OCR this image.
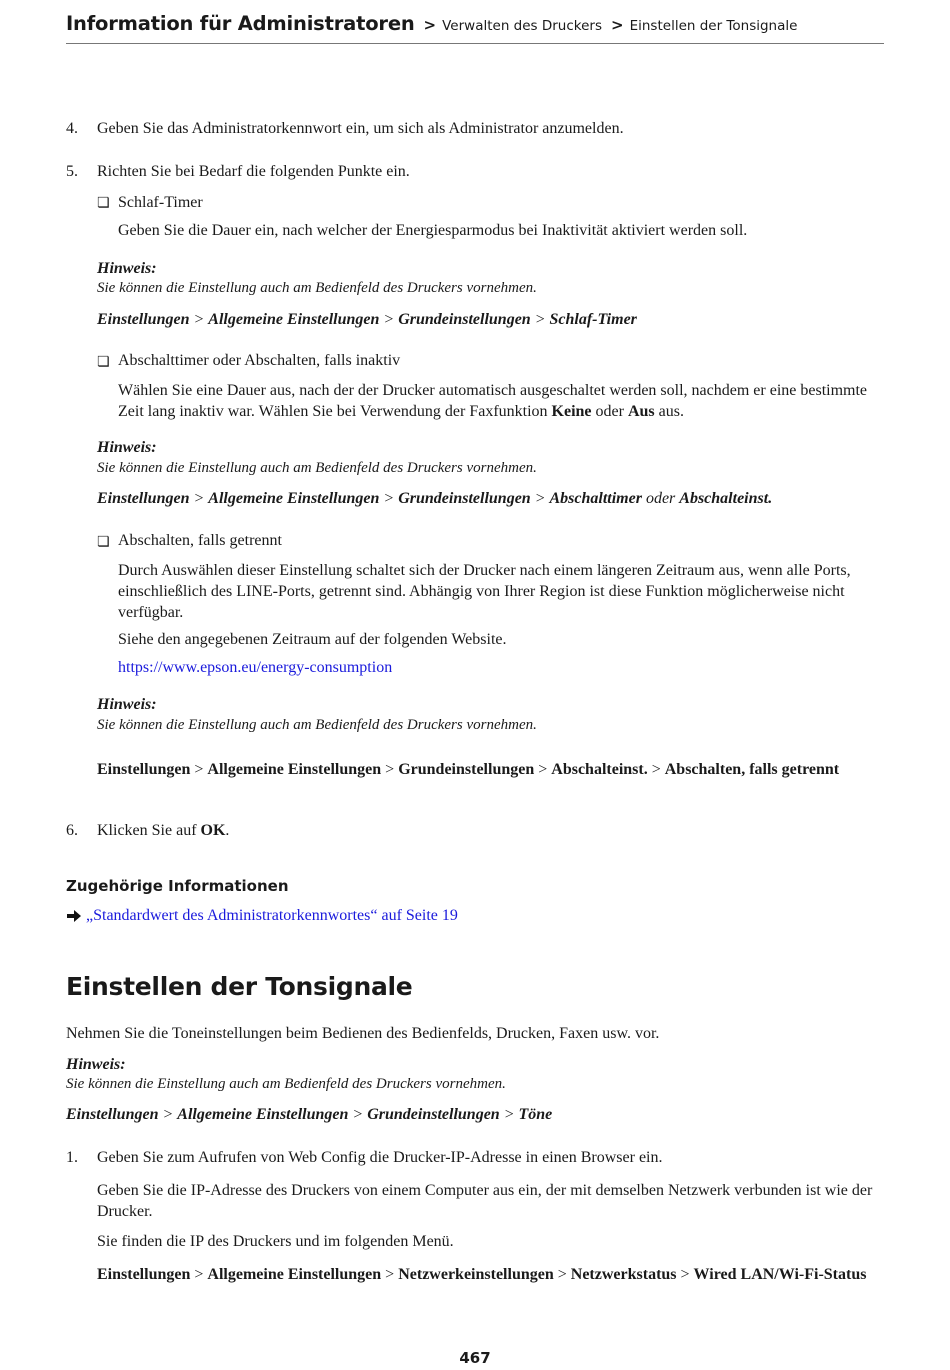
Information für Administratoren > Verwalten des Druckers > Einstellen der Tonsignale
4. Geben Sie das Administratorkennwort ein, um sich als Administrator anzumelden.
5. Richten Sie bei Bedarf die folgenden Punkte ein.
❏ Schlaf-Timer
Geben Sie die Dauer ein, nach welcher der Energiesparmodus bei Inaktivität aktiviert werden soll.
Hinweis:
Sie können die Einstellung auch am Bedienfeld des Druckers vornehmen.
Einstellungen > Allgemeine Einstellungen > Grundeinstellungen > Schlaf-Timer
❏ Abschalttimer oder Abschalten, falls inaktiv
Wählen Sie eine Dauer aus, nach der der Drucker automatisch ausgeschaltet werden soll, nachdem er eine bestimmte Zeit lang inaktiv war. Wählen Sie bei Verwendung der Faxfunktion Keine oder Aus aus.
Hinweis:
Sie können die Einstellung auch am Bedienfeld des Druckers vornehmen.
Einstellungen > Allgemeine Einstellungen > Grundeinstellungen > Abschalttimer oder Abschalteinst.
❏ Abschalten, falls getrennt
Durch Auswählen dieser Einstellung schaltet sich der Drucker nach einem längeren Zeitraum aus, wenn alle Ports, einschließlich des LINE-Ports, getrennt sind. Abhängig von Ihrer Region ist diese Funktion möglicherweise nicht verfügbar.
Siehe den angegebenen Zeitraum auf der folgenden Website.
https://www.epson.eu/energy-consumption
Hinweis:
Sie können die Einstellung auch am Bedienfeld des Druckers vornehmen.
Einstellungen > Allgemeine Einstellungen > Grundeinstellungen > Abschalteinst. > Abschalten, falls getrennt
6. Klicken Sie auf OK.
Zugehörige Informationen
„Standardwert des Administratorkennwortes“ auf Seite 19
Einstellen der Tonsignale
Nehmen Sie die Toneinstellungen beim Bedienen des Bedienfelds, Drucken, Faxen usw. vor.
Hinweis:
Sie können die Einstellung auch am Bedienfeld des Druckers vornehmen.
Einstellungen > Allgemeine Einstellungen > Grundeinstellungen > Töne
1. Geben Sie zum Aufrufen von Web Config die Drucker-IP-Adresse in einen Browser ein.
Geben Sie die IP-Adresse des Druckers von einem Computer aus ein, der mit demselben Netzwerk verbunden ist wie der Drucker.
Sie finden die IP des Druckers und im folgenden Menü.
Einstellungen > Allgemeine Einstellungen > Netzwerkeinstellungen > Netzwerkstatus > Wired LAN/Wi-Fi-Status
467
